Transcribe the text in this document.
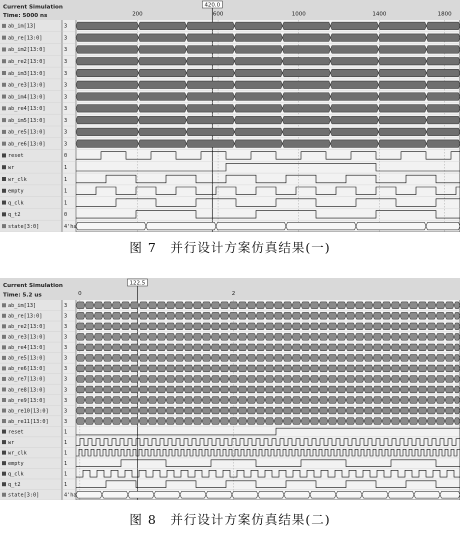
Current Simulation
Time: 5000 ns	200	600	1000	1400	1800
420.0
ab_im[13]	3
ab_re[13:0]	3
ab_im2[13:0]	3
ab_re2[13:0]	3
ab_im3[13:0]	3
ab_re3[13:0]	3
ab_im4[13:0]	3
ab_re4[13:0]	3
ab_im5[13:0]	3
ab_re5[13:0]	3
ab_re6[13:0]	3
reset	0
wr	1
wr_clk	1
empty	1
q_clk	1
q_t2	0
state[3:0]	4'ha
图 7　并行设计方案仿真结果(一)
Current Simulation
Time: 5.2 us	0	2
122.5
ab_im[13]	3
ab_re[13:0]	3
ab_re2[13:0]	3
ab_re3[13:0]	3
ab_re4[13:0]	3
ab_re5[13:0]	3
ab_re6[13:0]	3
ab_re7[13:0]	3
ab_re8[13:0]	3
ab_re9[13:0]	3
ab_re10[13:0]	3
ab_re11[13:0]	3
reset	1
wr	1
wr_clk	1
empty	1
q_clk	1
q_t2	1
state[3:0]	4'ha
图 8　并行设计方案仿真结果(二)
